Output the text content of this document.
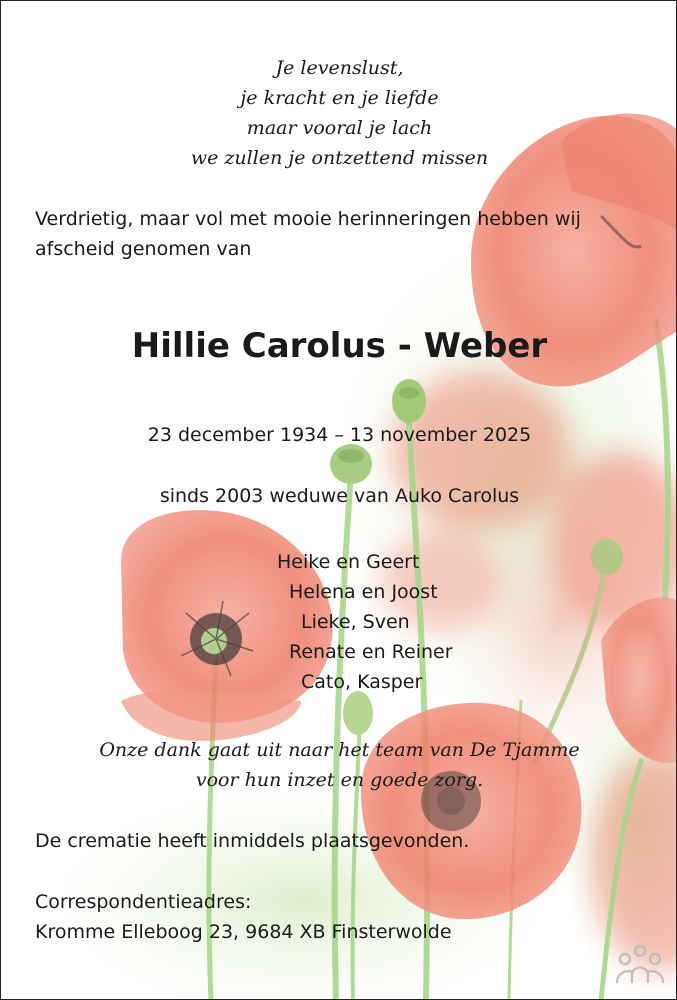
Je levenslust,
je kracht en je liefde
maar vooral je lach
we zullen je ontzettend missen
Verdrietig, maar vol met mooie herinneringen hebben wij
afscheid genomen van
Hillie Carolus - Weber
23 december 1934 – 13 november 2025
sinds 2003 weduwe van Auko Carolus
Heike en Geert
Helena en Joost
Lieke, Sven
Renate en Reiner
Cato, Kasper
Onze dank gaat uit naar het team van De Tjamme
voor hun inzet en goede zorg.
De crematie heeft inmiddels plaatsgevonden.
Correspondentieadres:
Kromme Elleboog 23, 9684 XB Finsterwolde
